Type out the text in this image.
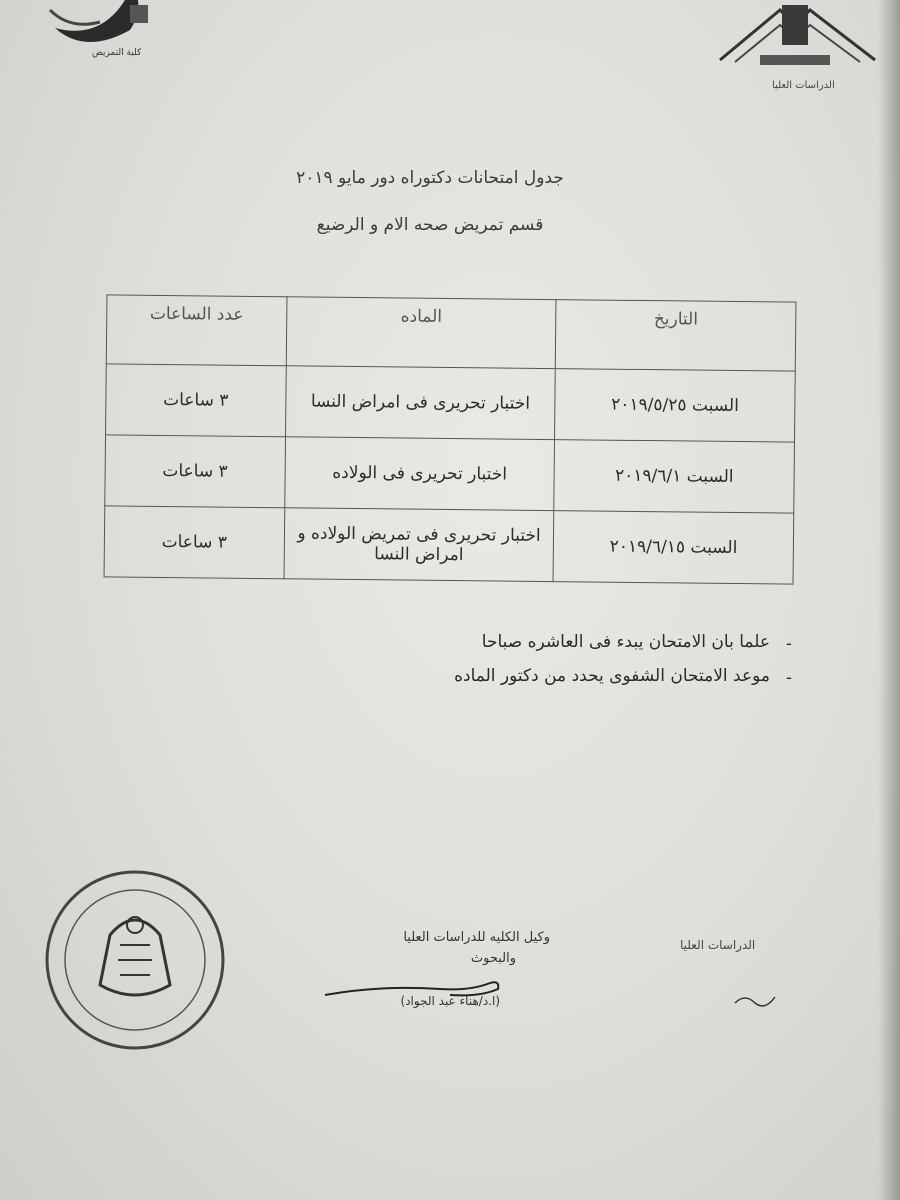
كلية التمريض
الدراسات العليا
جدول امتحانات دكتوراه دور مايو ٢٠١٩
قسم تمريض صحه الام و الرضيع
التاريخ	الماده	عدد الساعات
السبت ٢٠١٩/٥/٢٥	اختبار تحريرى فى امراض النسا	٣ ساعات
السبت ٢٠١٩/٦/١	اختبار تحريرى فى الولاده	٣ ساعات
السبت ٢٠١٩/٦/١٥	اختبار تحريرى فى تمريض الولاده و امراض النسا	٣ ساعات
- علما بان الامتحان يبدء فى العاشره صباحا
- موعد الامتحان الشفوى يحدد من دكتور الماده
وكيل الكليه للدراسات العليا
والبحوث
(ا.د/هناء عبد الجواد)
الدراسات العليا
